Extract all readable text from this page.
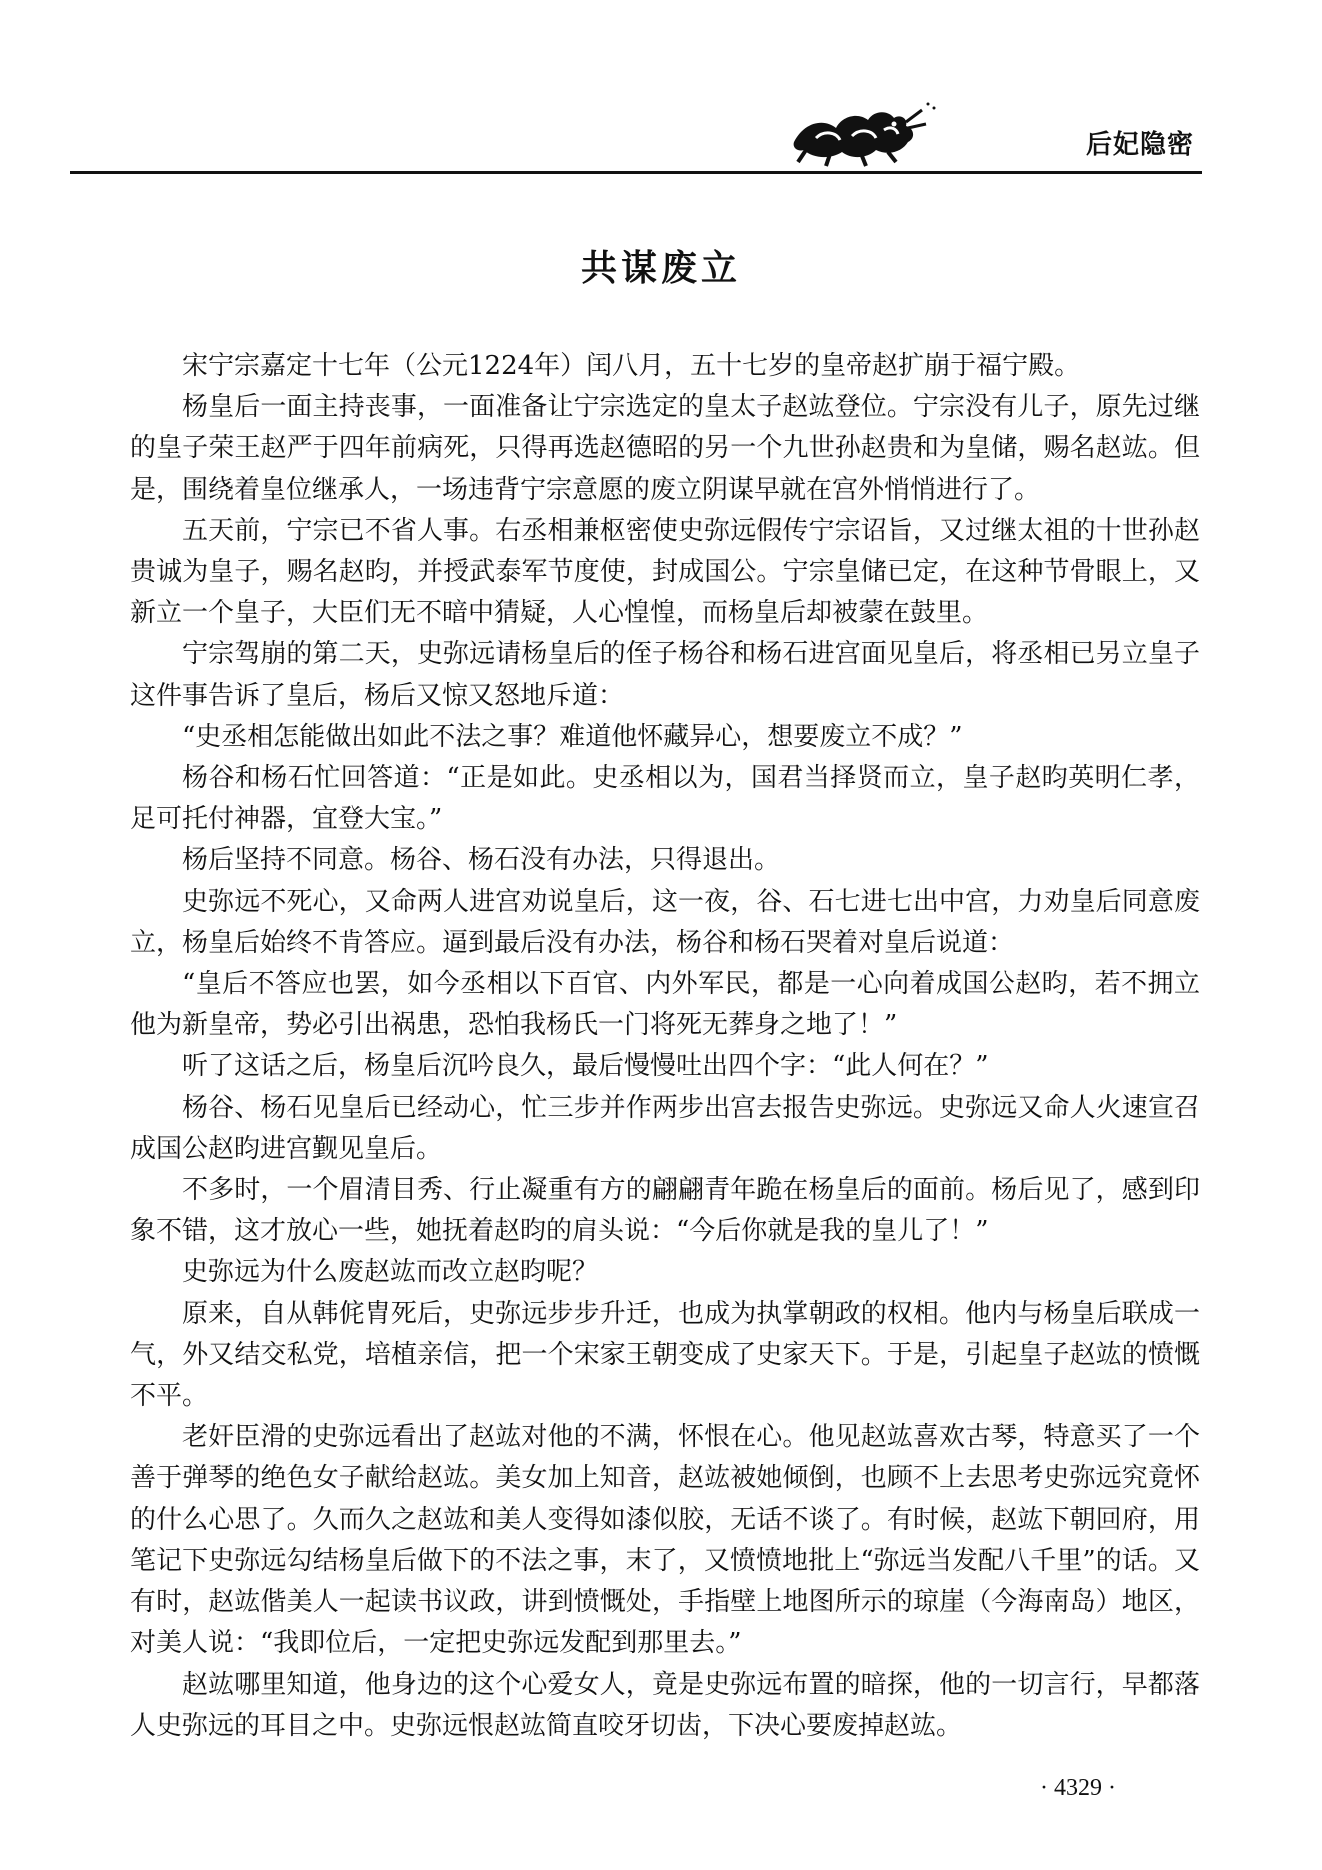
后妃隐密
共谋废立

宋宁宗嘉定十七年（公元1224年）闰八月，五十七岁的皇帝赵扩崩于福宁殿。

杨皇后一面主持丧事，一面准备让宁宗选定的皇太子赵竑登位。宁宗没有儿子，原先过继的皇子荣王赵严于四年前病死，只得再选赵德昭的另一个九世孙赵贵和为皇储，赐名赵竑。但是，围绕着皇位继承人，一场违背宁宗意愿的废立阴谋早就在宫外悄悄进行了。

五天前，宁宗已不省人事。右丞相兼枢密使史弥远假传宁宗诏旨，又过继太祖的十世孙赵贵诚为皇子，赐名赵昀，并授武泰军节度使，封成国公。宁宗皇储已定，在这种节骨眼上，又新立一个皇子，大臣们无不暗中猜疑，人心惶惶，而杨皇后却被蒙在鼓里。

宁宗驾崩的第二天，史弥远请杨皇后的侄子杨谷和杨石进宫面见皇后，将丞相已另立皇子这件事告诉了皇后，杨后又惊又怒地斥道：

“史丞相怎能做出如此不法之事？难道他怀藏异心，想要废立不成？”

杨谷和杨石忙回答道：“正是如此。史丞相以为，国君当择贤而立，皇子赵昀英明仁孝，足可托付神器，宜登大宝。”

杨后坚持不同意。杨谷、杨石没有办法，只得退出。

史弥远不死心，又命两人进宫劝说皇后，这一夜，谷、石七进七出中宫，力劝皇后同意废立，杨皇后始终不肯答应。逼到最后没有办法，杨谷和杨石哭着对皇后说道：

“皇后不答应也罢，如今丞相以下百官、内外军民，都是一心向着成国公赵昀，若不拥立他为新皇帝，势必引出祸患，恐怕我杨氏一门将死无葬身之地了！”

听了这话之后，杨皇后沉吟良久，最后慢慢吐出四个字：“此人何在？”

杨谷、杨石见皇后已经动心，忙三步并作两步出宫去报告史弥远。史弥远又命人火速宣召成国公赵昀进宫觐见皇后。

不多时，一个眉清目秀、行止凝重有方的翩翩青年跪在杨皇后的面前。杨后见了，感到印象不错，这才放心一些，她抚着赵昀的肩头说：“今后你就是我的皇儿了！”

史弥远为什么废赵竑而改立赵昀呢？

原来，自从韩侂胄死后，史弥远步步升迁，也成为执掌朝政的权相。他内与杨皇后联成一气，外又结交私党，培植亲信，把一个宋家王朝变成了史家天下。于是，引起皇子赵竑的愤慨不平。

老奸臣滑的史弥远看出了赵竑对他的不满，怀恨在心。他见赵竑喜欢古琴，特意买了一个善于弹琴的绝色女子献给赵竑。美女加上知音，赵竑被她倾倒，也顾不上去思考史弥远究竟怀的什么心思了。久而久之赵竑和美人变得如漆似胶，无话不谈了。有时候，赵竑下朝回府，用笔记下史弥远勾结杨皇后做下的不法之事，末了，又愤愤地批上“弥远当发配八千里”的话。又有时，赵竑偕美人一起读书议政，讲到愤慨处，手指壁上地图所示的琼崖（今海南岛）地区，对美人说：“我即位后，一定把史弥远发配到那里去。”

赵竑哪里知道，他身边的这个心爱女人，竟是史弥远布置的暗探，他的一切言行，早都落人史弥远的耳目之中。史弥远恨赵竑简直咬牙切齿，下决心要废掉赵竑。

· 4329 ·
